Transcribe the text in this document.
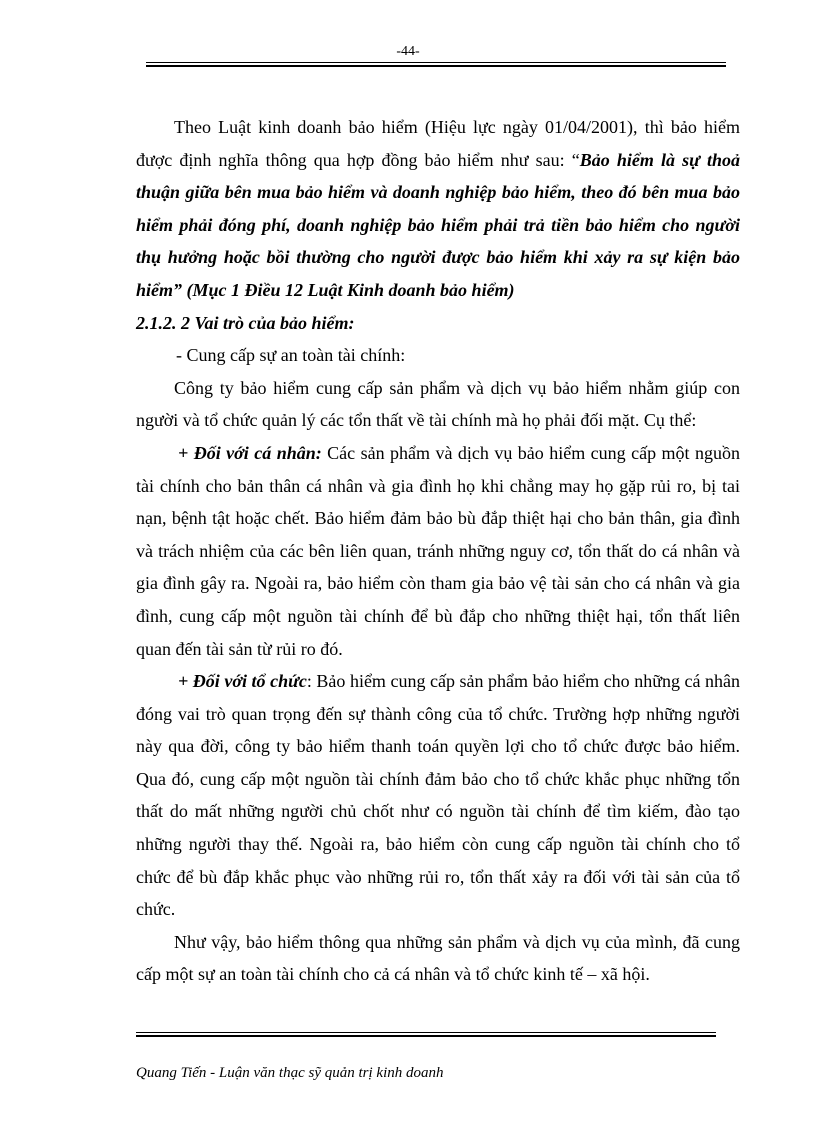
-44-

Theo Luật kinh doanh bảo hiểm (Hiệu lực ngày 01/04/2001), thì bảo hiểm được định nghĩa thông qua hợp đồng bảo hiểm như sau: “Bảo hiểm là sự thoả thuận giữa bên mua bảo hiểm và doanh nghiệp bảo hiểm, theo đó bên mua bảo hiểm phải đóng phí, doanh nghiệp bảo hiểm phải trả tiền bảo hiểm cho người thụ hưởng hoặc bồi thường cho người được bảo hiểm khi xảy ra sự kiện bảo hiểm” (Mục 1 Điều 12 Luật Kinh doanh bảo hiểm)

2.1.2. 2 Vai trò của bảo hiểm:

- Cung cấp sự an toàn tài chính:

Công ty bảo hiểm cung cấp sản phẩm và dịch vụ bảo hiểm nhằm giúp con người và tổ chức quản lý các tổn thất về tài chính mà họ phải đối mặt. Cụ thể:

+ Đối với cá nhân: Các sản phẩm và dịch vụ bảo hiểm cung cấp một nguồn tài chính cho bản thân cá nhân và gia đình họ khi chẳng may họ gặp rủi ro, bị tai nạn, bệnh tật hoặc chết. Bảo hiểm đảm bảo bù đắp thiệt hại cho bản thân, gia đình và trách nhiệm của các bên liên quan, tránh những nguy cơ, tổn thất do cá nhân và gia đình gây ra. Ngoài ra, bảo hiểm còn tham gia bảo vệ tài sản cho cá nhân và gia đình, cung cấp một nguồn tài chính để bù đắp cho những thiệt hại, tổn thất liên quan đến tài sản từ rủi ro đó.

+ Đối với tổ chức: Bảo hiểm cung cấp sản phẩm bảo hiểm cho những cá nhân đóng vai trò quan trọng đến sự thành công của tổ chức. Trường hợp những người này qua đời, công ty bảo hiểm thanh toán quyền lợi cho tổ chức được bảo hiểm. Qua đó, cung cấp một nguồn tài chính đảm bảo cho tổ chức khắc phục những tổn thất do mất những người chủ chốt như có nguồn tài chính để tìm kiếm, đào tạo những người thay thế. Ngoài ra, bảo hiểm còn cung cấp nguồn tài chính cho tổ chức để bù đắp khắc phục vào những rủi ro, tổn thất xảy ra đối với tài sản của tổ chức.

Như vậy, bảo hiểm thông qua những sản phẩm và dịch vụ của mình, đã cung cấp một sự an toàn tài chính cho cả cá nhân và tổ chức kinh tế – xã hội.

Quang Tiến - Luận văn thạc sỹ quản trị kinh doanh
